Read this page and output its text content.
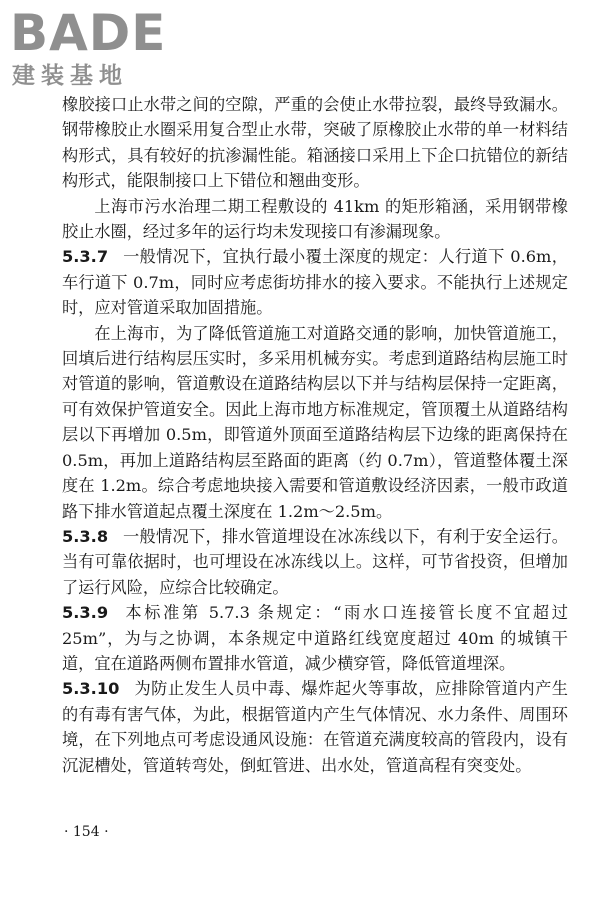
BADE
建装基地

橡胶接口止水带之间的空隙，严重的会使止水带拉裂，最终导致漏水。钢带橡胶止水圈采用复合型止水带，突破了原橡胶止水带的单一材料结构形式，具有较好的抗渗漏性能。箱涵接口采用上下企口抗错位的新结构形式，能限制接口上下错位和翘曲变形。

上海市污水治理二期工程敷设的 41km 的矩形箱涵，采用钢带橡胶止水圈，经过多年的运行均未发现接口有渗漏现象。

5.3.7 一般情况下，宜执行最小覆土深度的规定：人行道下 0.6m，车行道下 0.7m，同时应考虑街坊排水的接入要求。不能执行上述规定时，应对管道采取加固措施。

在上海市，为了降低管道施工对道路交通的影响，加快管道施工，回填后进行结构层压实时，多采用机械夯实。考虑到道路结构层施工时对管道的影响，管道敷设在道路结构层以下并与结构层保持一定距离，可有效保护管道安全。因此上海市地方标准规定，管顶覆土从道路结构层以下再增加 0.5m，即管道外顶面至道路结构层下边缘的距离保持在 0.5m，再加上道路结构层至路面的距离（约 0.7m），管道整体覆土深度在 1.2m。综合考虑地块接入需要和管道敷设经济因素，一般市政道路下排水管道起点覆土深度在 1.2m～2.5m。

5.3.8 一般情况下，排水管道埋设在冰冻线以下，有利于安全运行。当有可靠依据时，也可埋设在冰冻线以上。这样，可节省投资，但增加了运行风险，应综合比较确定。

5.3.9 本标准第 5.7.3 条规定：“雨水口连接管长度不宜超过 25m”，为与之协调，本条规定中道路红线宽度超过 40m 的城镇干道，宜在道路两侧布置排水管道，减少横穿管，降低管道埋深。

5.3.10 为防止发生人员中毒、爆炸起火等事故，应排除管道内产生的有毒有害气体，为此，根据管道内产生气体情况、水力条件、周围环境，在下列地点可考虑设通风设施：在管道充满度较高的管段内，设有沉泥槽处，管道转弯处，倒虹管进、出水处，管道高程有突变处。

· 154 ·
